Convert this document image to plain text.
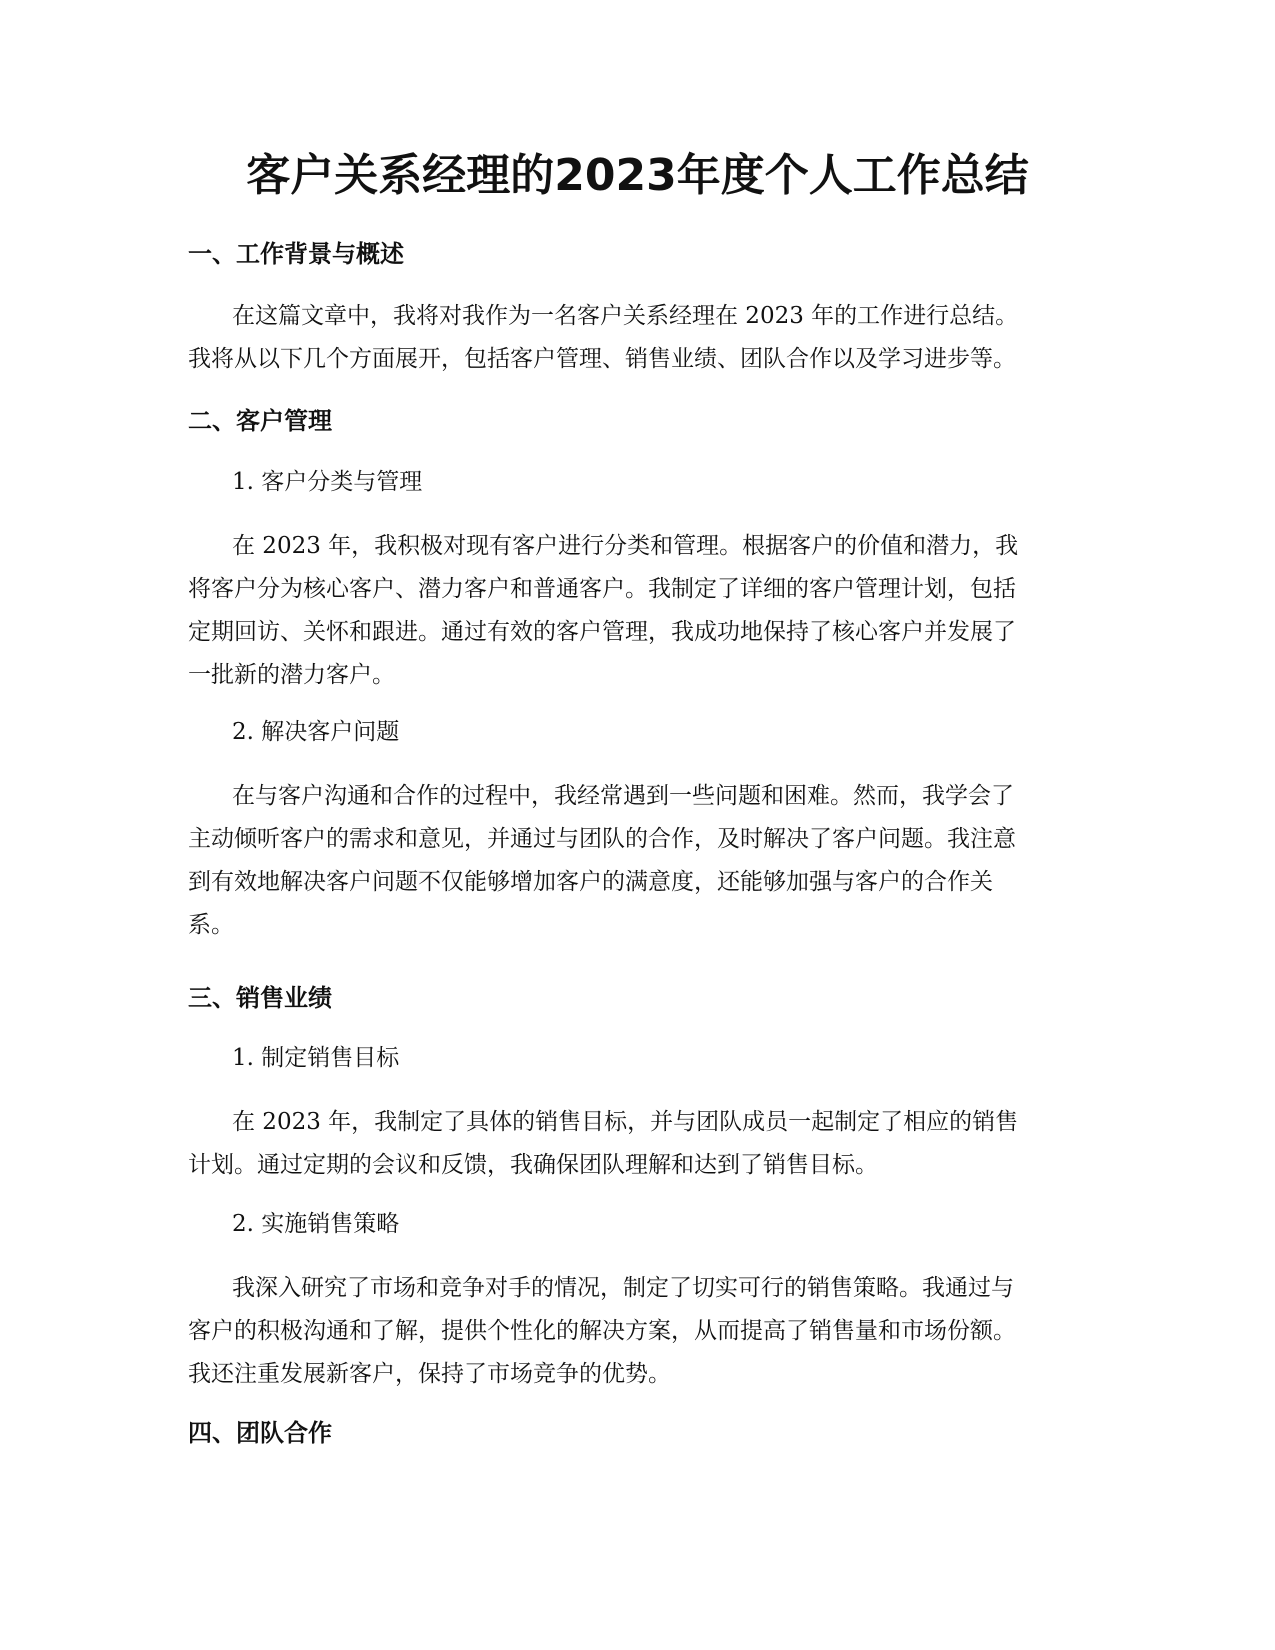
客户关系经理的2023年度个人工作总结
一、工作背景与概述
在这篇文章中，我将对我作为一名客户关系经理在 2023 年的工作进行总结。
我将从以下几个方面展开，包括客户管理、销售业绩、团队合作以及学习进步等。
二、客户管理
1. 客户分类与管理
在 2023 年，我积极对现有客户进行分类和管理。根据客户的价值和潜力，我
将客户分为核心客户、潜力客户和普通客户。我制定了详细的客户管理计划，包括
定期回访、关怀和跟进。通过有效的客户管理，我成功地保持了核心客户并发展了
一批新的潜力客户。
2. 解决客户问题
在与客户沟通和合作的过程中，我经常遇到一些问题和困难。然而，我学会了
主动倾听客户的需求和意见，并通过与团队的合作，及时解决了客户问题。我注意
到有效地解决客户问题不仅能够增加客户的满意度，还能够加强与客户的合作关
系。
三、销售业绩
1. 制定销售目标
在 2023 年，我制定了具体的销售目标，并与团队成员一起制定了相应的销售
计划。通过定期的会议和反馈，我确保团队理解和达到了销售目标。
2. 实施销售策略
我深入研究了市场和竞争对手的情况，制定了切实可行的销售策略。我通过与
客户的积极沟通和了解，提供个性化的解决方案，从而提高了销售量和市场份额。
我还注重发展新客户，保持了市场竞争的优势。
四、团队合作
